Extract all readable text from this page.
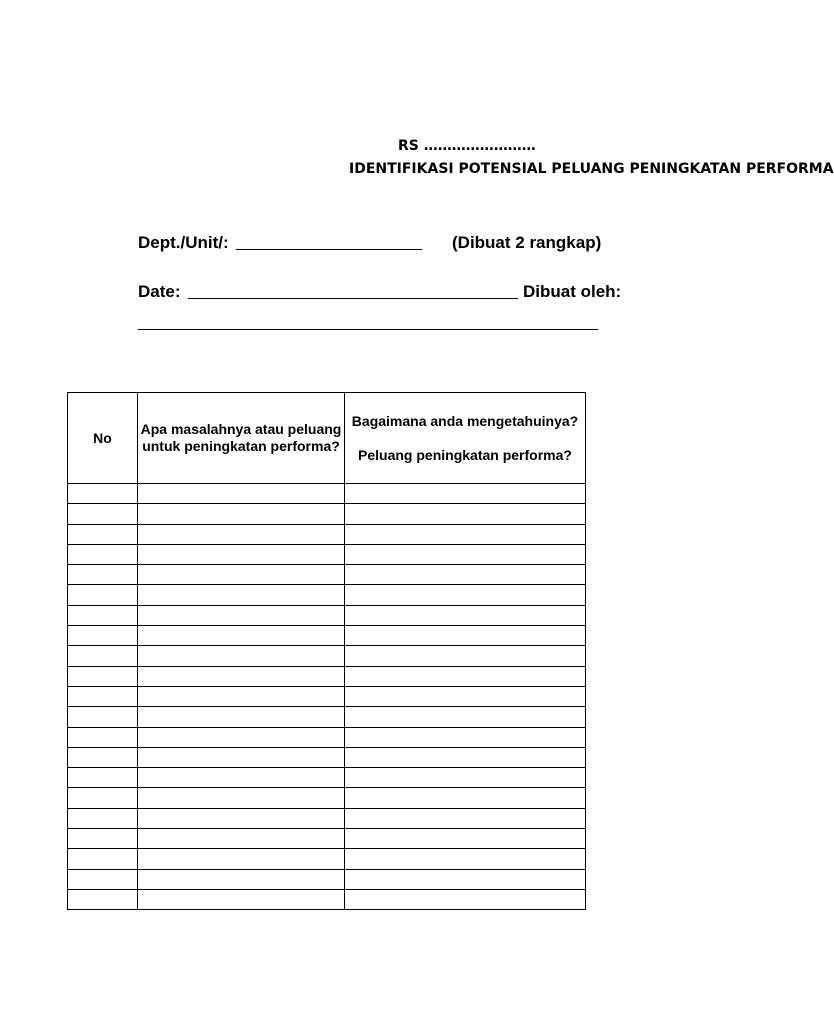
RS ……………………
IDENTIFIKASI POTENSIAL PELUANG PENINGKATAN PERFORMA
Dept./Unit/:	(Dibuat 2 rangkap)
Date:	Dibuat oleh:
No	Apa masalahnya atau peluang untuk peningkatan performa?	Bagaimana anda mengetahuinya?
Peluang peningkatan performa?
